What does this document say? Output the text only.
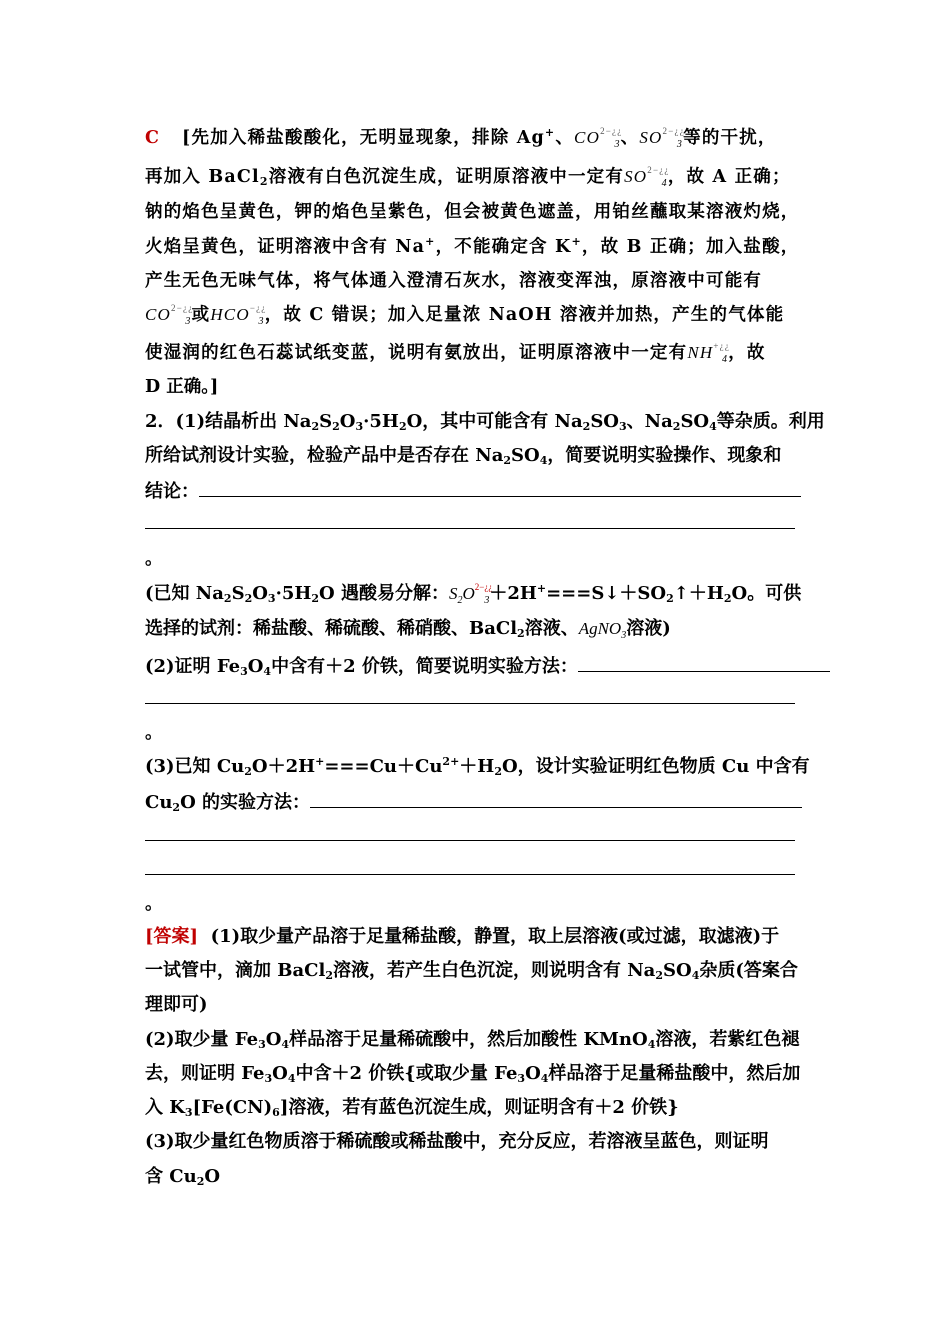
C [先加入稀盐酸酸化，无明显现象，排除 Ag+、$CO^{2-¿¿}_3$、$SO^{2-¿¿}_3$等的干扰，
再加入 BaCl$_2$溶液有白色沉淀生成，证明原溶液中一定有$SO^{2-¿¿}_4$，故 A 正确；
钠的焰色呈黄色，钾的焰色呈紫色，但会被黄色遮盖，用铂丝蘸取某溶液灼烧，
火焰呈黄色，证明溶液中含有 Na+，不能确定含 K+，故 B 正确；加入盐酸，
产生无色无味气体，将气体通入澄清石灰水，溶液变浑浊，原溶液中可能有
$CO^{2-¿¿}_3$或$HCO^{-¿¿}_3$，故 C 错误；加入足量浓 NaOH 溶液并加热，产生的气体能
使湿润的红色石蕊试纸变蓝，说明有氨放出，证明原溶液中一定有$NH^{+¿¿}_4$，故
D 正确。]
2．(1)结晶析出 $Na_2S_2O_3\cdot 5H_2O$，其中可能含有 $Na_2SO_3$、$Na_2SO_4$等杂质。利用
所给试剂设计实验，检验产品中是否存在 $Na_2SO_4$，简要说明实验操作、现象和
结论：
。
(已知 $Na_2S_2O_3\cdot 5H_2O$ 遇酸易分解：$S_2O^{2-¿¿}_3+2H^+===S↓+SO_2↑+H_2O$。可供
选择的试剂：稀盐酸、稀硫酸、稀硝酸、BaCl$_2$溶液、AgNO$_3$溶液)
(2)证明 $Fe_3O_4$中含有＋2 价铁，简要说明实验方法：
。
(3)已知 $Cu_2O+2H^+===Cu+Cu^{2+}+H_2O$，设计实验证明红色物质 Cu 中含有
$Cu_2O$ 的实验方法：
。
[答案] (1)取少量产品溶于足量稀盐酸，静置，取上层溶液(或过滤，取滤液)于
一试管中，滴加 BaCl$_2$溶液，若产生白色沉淀，则说明含有 $Na_2SO_4$杂质(答案合
理即可)
(2)取少量 $Fe_3O_4$样品溶于足量稀硫酸中，然后加酸性 KMnO$_4$溶液，若紫红色褪
去，则证明 $Fe_3O_4$中含＋2 价铁{或取少量 $Fe_3O_4$样品溶于足量稀盐酸中，然后加
入 $K_3[Fe(CN)_6]$溶液，若有蓝色沉淀生成，则证明含有＋2 价铁}
(3)取少量红色物质溶于稀硫酸或稀盐酸中，充分反应，若溶液呈蓝色，则证明
含 $Cu_2O$
